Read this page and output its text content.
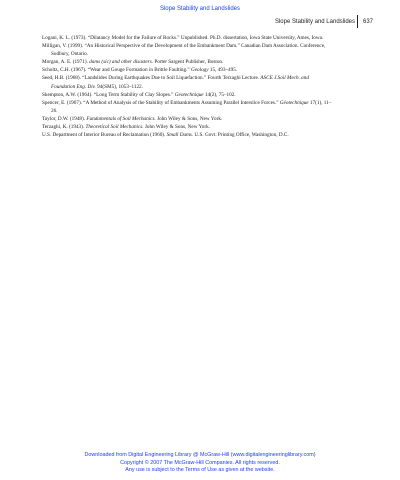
Slope Stability and Landslides
Slope Stability and Landslides 637

Logani, K. L. (1973). “Dilatancy Model for the Failure of Rocks.” Unpublished. Ph.D. dissertation, Iowa State University, Ames, Iowa.

Milligan, V. (1999). “An Historical Perspective of the Development of the Embankment Dam.” Canadian Dam Association. Conference, Sudbury, Ontario.

Morgan, A. E. (1971). dams (sic) and other disasters. Porter Sargent Publisher, Boston.

Scholtz, C.H. (1967). “Wear and Gouge Formation in Brittle Faulting.” Geology 15, 493–495.

Seed, H.B. (1968). “Landslides During Earthquakes Due to Soil Liquefaction.” Fourth Terzaghi Lecture. ASCE J.Soil Mech. and Foundation Eng. Div. 94(SM5), 1053–1122.

Skempton, A.W. (1964). “Long Term Stability of Clay Slopes.” Geotechnique 14(2), 75–102.

Spencer, E. (1967). “A Method of Analysis of the Stability of Embankments Assuming Parallel Interslice Forces.” Géotechnique 17(1), 11–26.

Taylor, D.W. (1948). Fundamentals of Soil Mechanics. John Wiley & Sons, New York.

Terzaghi, K. (1943). Theoretical Soil Mechanics. John Wiley & Sons, New York.

U.S. Department of Interior Bureau of Reclamation (1960). Small Dams. U.S. Govt. Printing Office, Washington, D.C.

Downloaded from Digital Engineering Library @ McGraw-Hill (www.digitalengineeringlibrary.com)
Copyright © 2007 The McGraw-Hill Companies. All rights reserved.
Any use is subject to the Terms of Use as given at the website.
